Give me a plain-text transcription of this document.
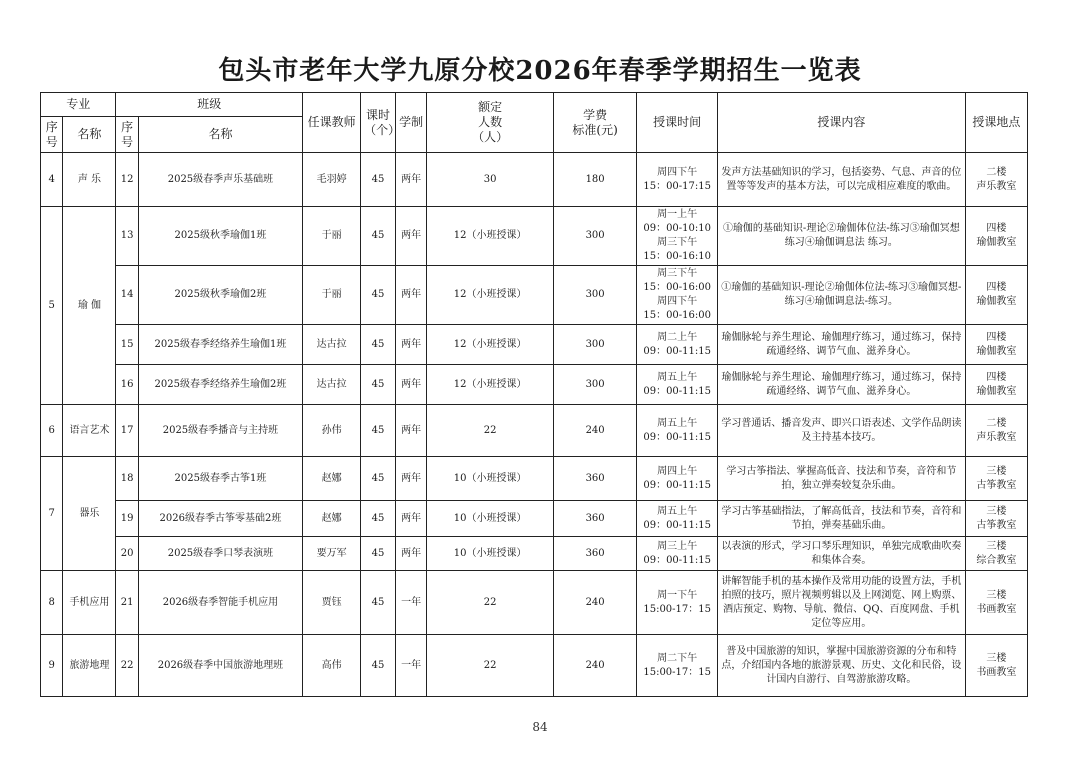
包头市老年大学九原分校2026年春季学期招生一览表
专业		班级		任课教师	课时
（个）	学制	额定
人数
（人）	学费
标准(元)	授课时间	授课内容	授课地点

序
号	名称	序
号	名称								
4	声 乐	12	2025级春季声乐基础班	毛羽婷	45	两年	30	180	周四下午
15：00-17:15	发声方法基础知识的学习，包括姿势、气息、声音的位置等等发声的基本方法，可以完成相应难度的歌曲。	二楼
声乐教室

5	瑜 伽	13	2025级秋季瑜伽1班	于丽	45	两年	12（小班授课）	300	周一上午
09：00-10:10
周三下午
15：00-16:10	①瑜伽的基础知识-理论②瑜伽体位法-练习③瑜伽冥想 练习④瑜伽调息法 练习。	四楼
瑜伽教室

		14	2025级秋季瑜伽2班	于丽	45	两年	12（小班授课）	300	周三下午
15：00-16:00
周四下午
15：00-16:00	①瑜伽的基础知识-理论②瑜伽体位法-练习③瑜伽冥想-练习④瑜伽调息法-练习。	四楼
瑜伽教室

		15	2025级春季经络养生瑜伽1班	达古拉	45	两年	12（小班授课）	300	周二上午
09：00-11:15	瑜伽脉轮与养生理论、瑜伽理疗练习，通过练习，保持疏通经络、调节气血、滋养身心。	四楼
瑜伽教室

		16	2025级春季经络养生瑜伽2班	达古拉	45	两年	12（小班授课）	300	周五上午
09：00-11:15	瑜伽脉轮与养生理论、瑜伽理疗练习，通过练习，保持疏通经络、调节气血、滋养身心。	四楼
瑜伽教室

6	语言艺术	17	2025级春季播音与主持班	孙伟	45	两年	22	240	周五上午
09：00-11:15	学习普通话、播音发声、即兴口语表述、文学作品朗读及主持基本技巧。	二楼
声乐教室

7	器乐	18	2025级春季古筝1班	赵娜	45	两年	10（小班授课）	360	周四上午
09：00-11:15	学习古筝指法、掌握高低音、技法和节奏，音符和节拍，独立弹奏较复杂乐曲。	三楼
古筝教室

		19	2026级春季古筝零基础2班	赵娜	45	两年	10（小班授课）	360	周五上午
09：00-11:15	学习古筝基础指法，了解高低音，技法和节奏，音符和节拍，弹奏基础乐曲。	三楼
古筝教室

		20	2025级春季口琴表演班	要万军	45	两年	10（小班授课）	360	周三上午
09：00-11:15	以表演的形式，学习口琴乐理知识，单独完成歌曲吹奏和集体合奏。	三楼
综合教室

8	手机应用	21	2026级春季智能手机应用	贾钰	45	一年	22	240	周一下午
15:00-17：15	讲解智能手机的基本操作及常用功能的设置方法，手机拍照的技巧，照片视频剪辑以及上网浏览、网上购票、酒店预定、购物、导航、微信、QQ、百度网盘、手机定位等应用。	三楼
书画教室

9	旅游地理	22	2026级春季中国旅游地理班	高伟	45	一年	22	240	周二下午
15:00-17：15	普及中国旅游的知识，掌握中国旅游资源的分布和特点，介绍国内各地的旅游景观、历史、文化和民俗，设计国内自游行、自驾游旅游攻略。	三楼
书画教室
84
